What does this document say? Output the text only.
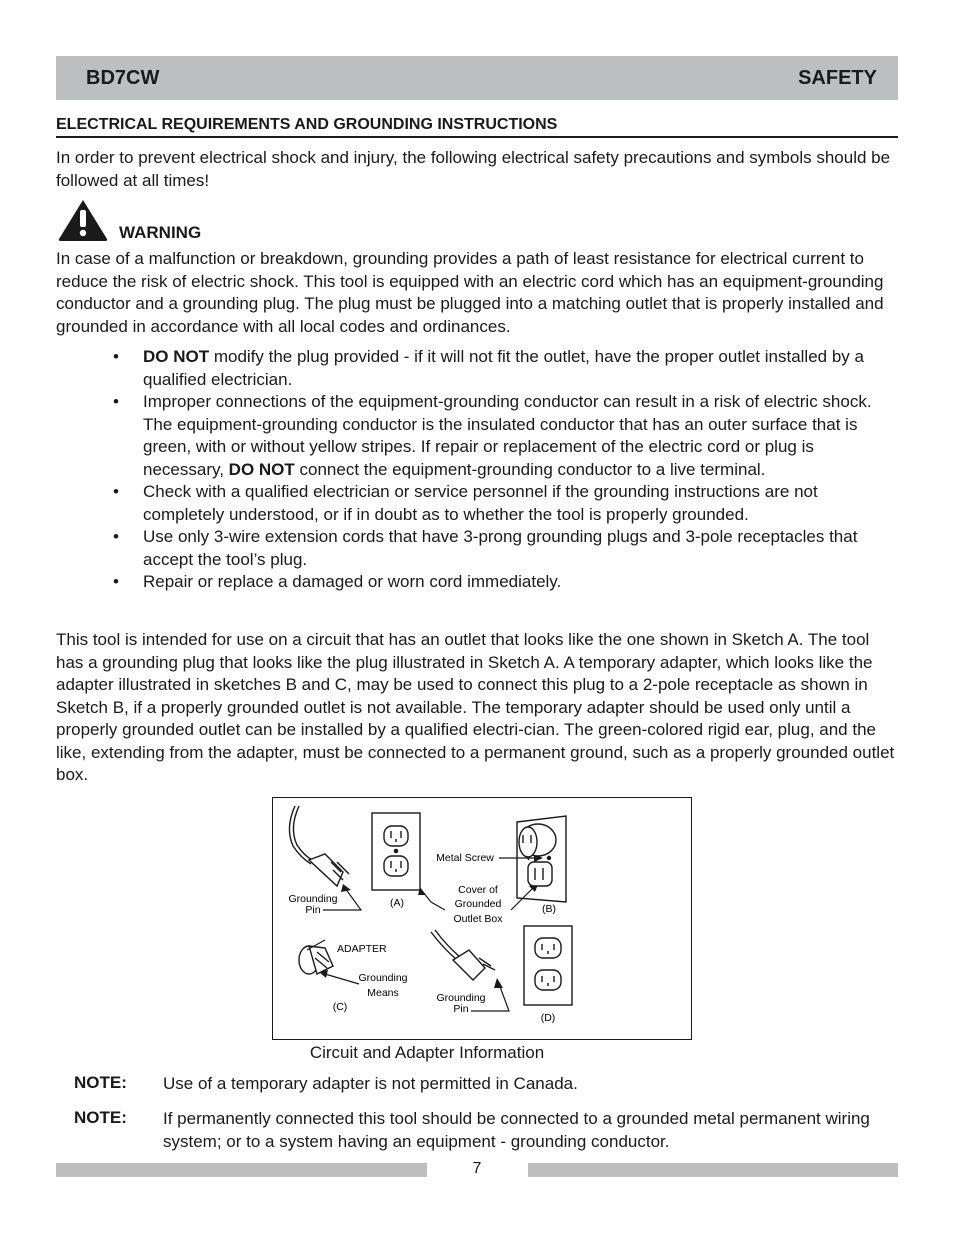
BD7CW	SAFETY
ELECTRICAL REQUIREMENTS AND GROUNDING INSTRUCTIONS

In order to prevent electrical shock and injury, the following electrical safety precautions and symbols should be followed at all times!

WARNING

In case of a malfunction or breakdown, grounding provides a path of least resistance for electrical current to reduce the risk of electric shock. This tool is equipped with an electric cord which has an equipment-grounding conductor and a grounding plug. The plug must be plugged into a matching outlet that is properly installed and grounded in accordance with all local codes and ordinances.

• DO NOT modify the plug provided - if it will not fit the outlet, have the proper outlet installed by a qualified electrician.
• Improper connections of the equipment-grounding conductor can result in a risk of electric shock. The equipment-grounding conductor is the insulated conductor that has an outer surface that is green, with or without yellow stripes. If repair or replacement of the electric cord or plug is necessary, DO NOT connect the equipment-grounding conductor to a live terminal.
• Check with a qualified electrician or service personnel if the grounding instructions are not completely understood, or if in doubt as to whether the tool is properly grounded.
• Use only 3-wire extension cords that have 3-prong grounding plugs and 3-pole receptacles that accept the tool’s plug.
• Repair or replace a damaged or worn cord immediately.

This tool is intended for use on a circuit that has an outlet that looks like the one shown in Sketch A. The tool has a grounding plug that looks like the plug illustrated in Sketch A. A temporary adapter, which looks like the adapter illustrated in sketches B and C, may be used to connect this plug to a 2-pole receptacle as shown in Sketch B, if a properly grounded outlet is not available. The temporary adapter should be used only until a properly grounded outlet can be installed by a qualified electri-cian. The green-colored rigid ear, plug, and the like, extending from the adapter, must be connected to a permanent ground, such as a properly grounded outlet box.

Grounding
Pin
(A)
Metal Screw
Cover of
Grounded
Outlet Box
(B)
ADAPTER
Grounding
Means
(C)
Grounding
Pin
(D)
Circuit and Adapter Information
NOTE: Use of a temporary adapter is not permitted in Canada.
NOTE: If permanently connected this tool should be connected to a grounded metal permanent wiring system; or to a system having an equipment - grounding conductor.
7
